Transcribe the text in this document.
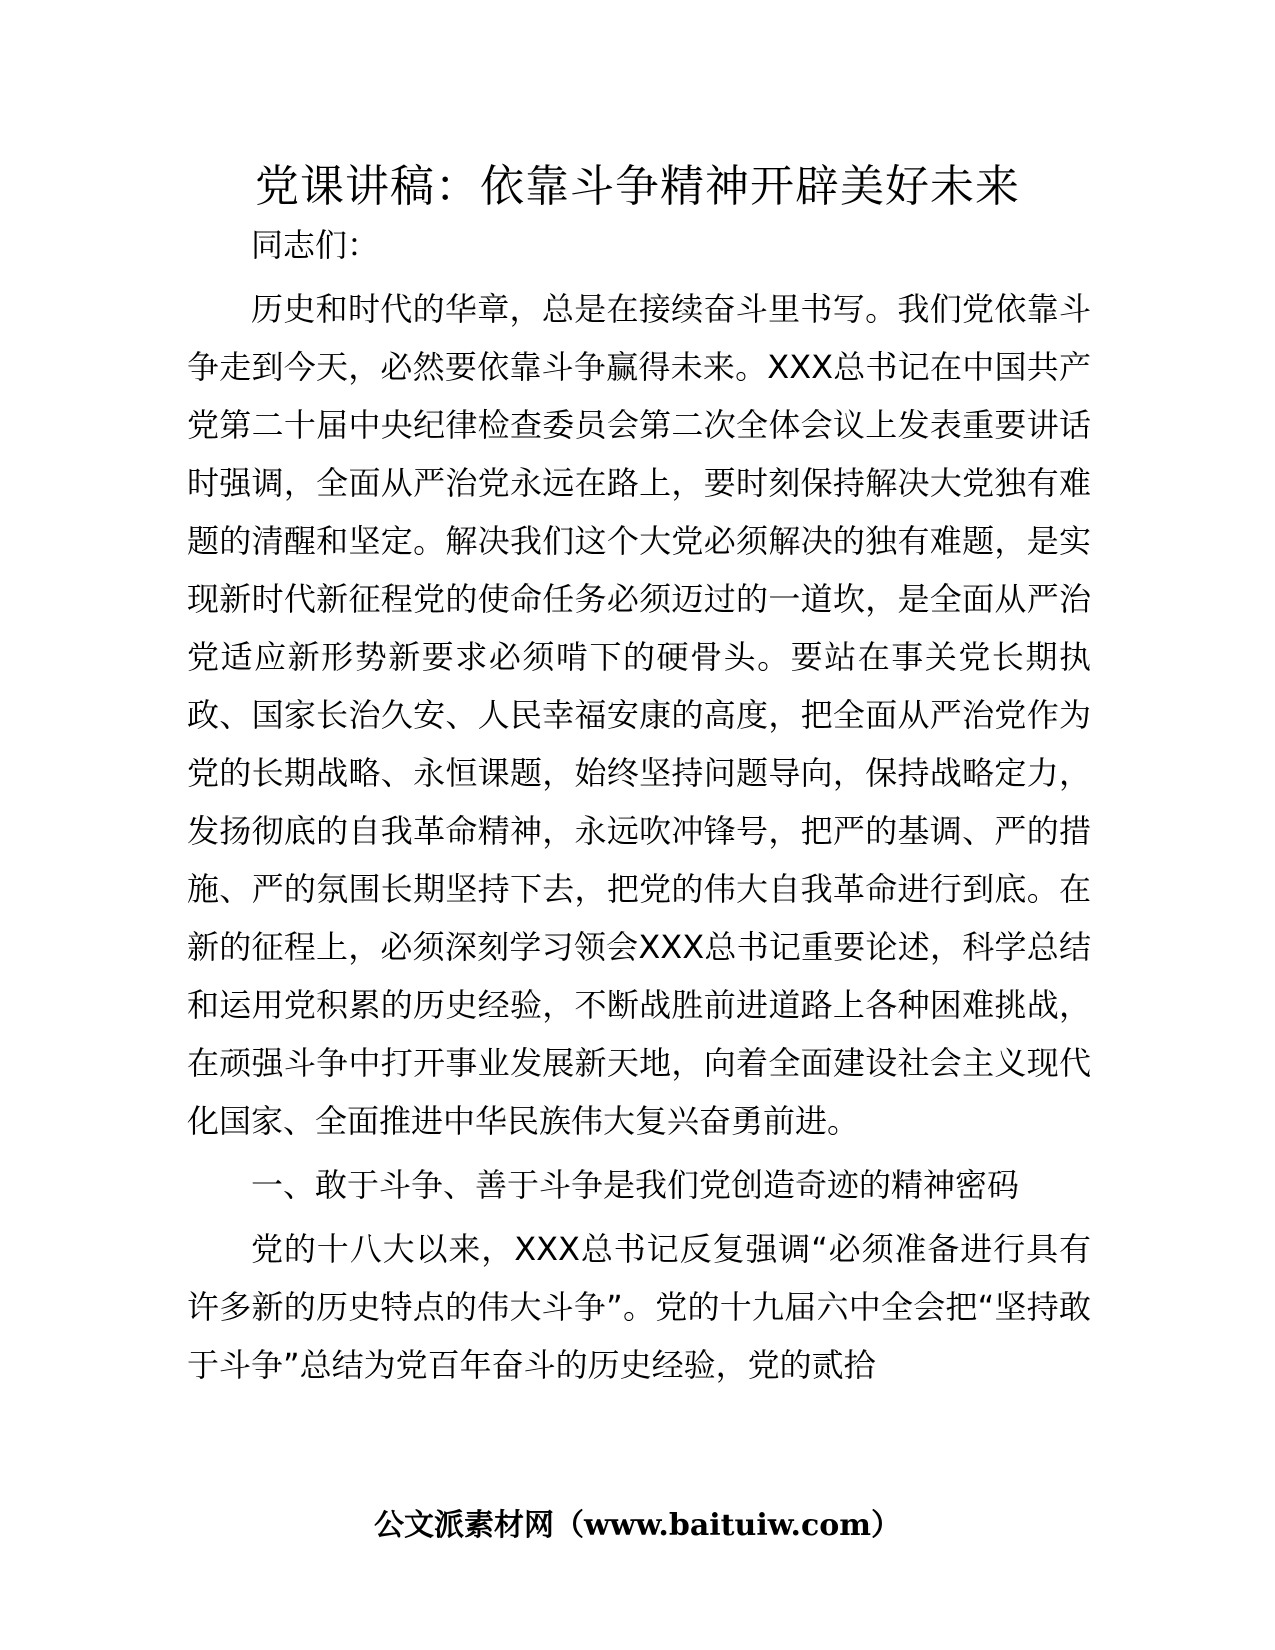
党课讲稿：依靠斗争精神开辟美好未来

同志们：

历史和时代的华章，总是在接续奋斗里书写。我们党依靠斗争走到今天，必然要依靠斗争赢得未来。XXX总书记在中国共产党第二十届中央纪律检查委员会第二次全体会议上发表重要讲话时强调，全面从严治党永远在路上，要时刻保持解决大党独有难题的清醒和坚定。解决我们这个大党必须解决的独有难题，是实现新时代新征程党的使命任务必须迈过的一道坎，是全面从严治党适应新形势新要求必须啃下的硬骨头。要站在事关党长期执政、国家长治久安、人民幸福安康的高度，把全面从严治党作为党的长期战略、永恒课题，始终坚持问题导向，保持战略定力，发扬彻底的自我革命精神，永远吹冲锋号，把严的基调、严的措施、严的氛围长期坚持下去，把党的伟大自我革命进行到底。在新的征程上，必须深刻学习领会XXX总书记重要论述，科学总结和运用党积累的历史经验，不断战胜前进道路上各种困难挑战，在顽强斗争中打开事业发展新天地，向着全面建设社会主义现代化国家、全面推进中华民族伟大复兴奋勇前进。

一、敢于斗争、善于斗争是我们党创造奇迹的精神密码

党的十八大以来，XXX总书记反复强调“必须准备进行具有许多新的历史特点的伟大斗争”。党的十九届六中全会把“坚持敢于斗争”总结为党百年奋斗的历史经验，党的贰拾

公文派素材网（www.baituiw.com）
